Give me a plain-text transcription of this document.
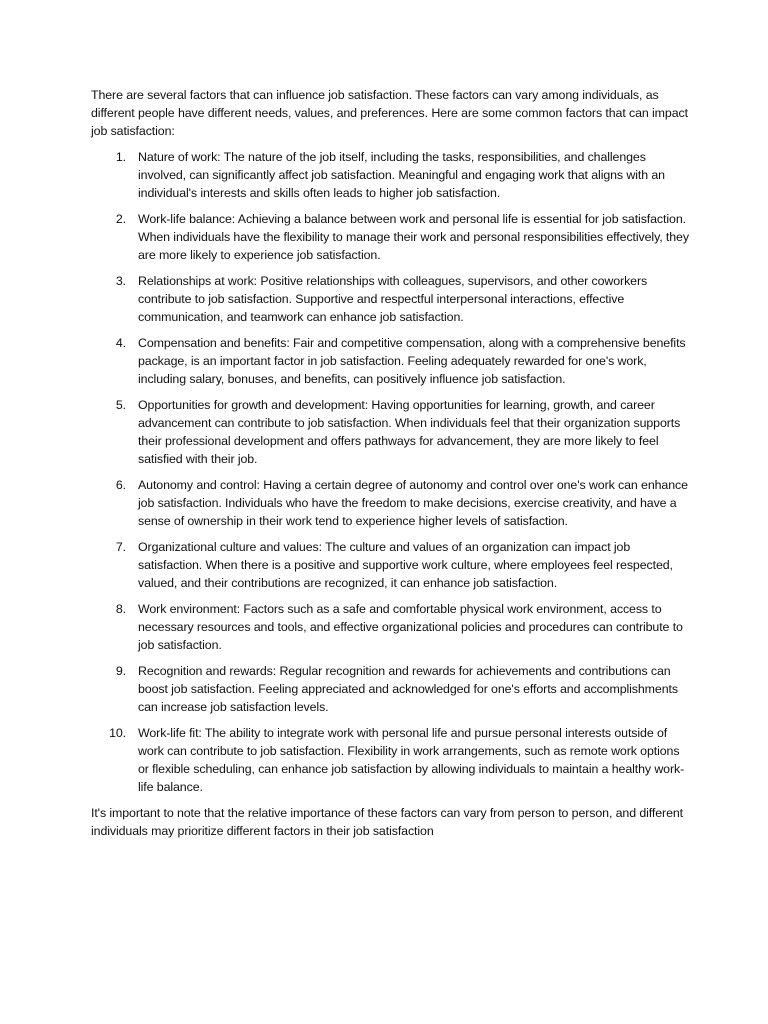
There are several factors that can influence job satisfaction. These factors can vary among individuals, as different people have different needs, values, and preferences. Here are some common factors that can impact job satisfaction:

1. Nature of work: The nature of the job itself, including the tasks, responsibilities, and challenges involved, can significantly affect job satisfaction. Meaningful and engaging work that aligns with an individual's interests and skills often leads to higher job satisfaction.
2. Work-life balance: Achieving a balance between work and personal life is essential for job satisfaction. When individuals have the flexibility to manage their work and personal responsibilities effectively, they are more likely to experience job satisfaction.
3. Relationships at work: Positive relationships with colleagues, supervisors, and other coworkers contribute to job satisfaction. Supportive and respectful interpersonal interactions, effective communication, and teamwork can enhance job satisfaction.
4. Compensation and benefits: Fair and competitive compensation, along with a comprehensive benefits package, is an important factor in job satisfaction. Feeling adequately rewarded for one's work, including salary, bonuses, and benefits, can positively influence job satisfaction.
5. Opportunities for growth and development: Having opportunities for learning, growth, and career advancement can contribute to job satisfaction. When individuals feel that their organization supports their professional development and offers pathways for advancement, they are more likely to feel satisfied with their job.
6. Autonomy and control: Having a certain degree of autonomy and control over one's work can enhance job satisfaction. Individuals who have the freedom to make decisions, exercise creativity, and have a sense of ownership in their work tend to experience higher levels of satisfaction.
7. Organizational culture and values: The culture and values of an organization can impact job satisfaction. When there is a positive and supportive work culture, where employees feel respected, valued, and their contributions are recognized, it can enhance job satisfaction.
8. Work environment: Factors such as a safe and comfortable physical work environment, access to necessary resources and tools, and effective organizational policies and procedures can contribute to job satisfaction.
9. Recognition and rewards: Regular recognition and rewards for achievements and contributions can boost job satisfaction. Feeling appreciated and acknowledged for one's efforts and accomplishments can increase job satisfaction levels.
10. Work-life fit: The ability to integrate work with personal life and pursue personal interests outside of work can contribute to job satisfaction. Flexibility in work arrangements, such as remote work options or flexible scheduling, can enhance job satisfaction by allowing individuals to maintain a healthy work-life balance.

It's important to note that the relative importance of these factors can vary from person to person, and different individuals may prioritize different factors in their job satisfaction
